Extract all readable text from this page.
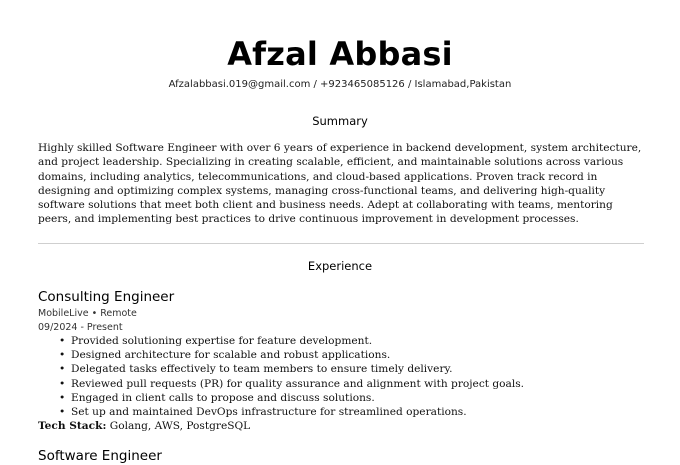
Afzal Abbasi
Afzalabbasi.019@gmail.com / +923465085126 / Islamabad,Pakistan
Summary

Highly skilled Software Engineer with over 6 years of experience in backend development, system architecture, and project leadership. Specializing in creating scalable, efficient, and maintainable solutions across various domains, including analytics, telecommunications, and cloud-based applications. Proven track record in designing and optimizing complex systems, managing cross-functional teams, and delivering high-quality software solutions that meet both client and business needs. Adept at collaborating with teams, mentoring peers, and implementing best practices to drive continuous improvement in development processes.

Experience
Consulting Engineer
MobileLive • Remote
09/2024 - Present
• Provided solutioning expertise for feature development.
• Designed architecture for scalable and robust applications.
• Delegated tasks effectively to team members to ensure timely delivery.
• Reviewed pull requests (PR) for quality assurance and alignment with project goals.
• Engaged in client calls to propose and discuss solutions.
• Set up and maintained DevOps infrastructure for streamlined operations.
Tech Stack: Golang, AWS, PostgreSQL
Software Engineer
